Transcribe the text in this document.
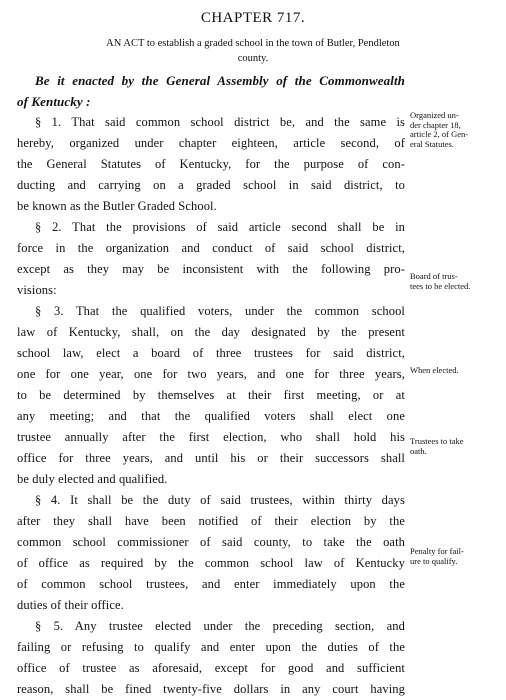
CHAPTER 717.
AN ACT to establish a graded school in the town of Butler, Pendleton
county.
Be it enacted by the General Assembly of the Commonwealth
of Kentucky :
§ 1. That said common school district be, and the same is
hereby, organized under chapter eighteen, article second, of
the General Statutes of Kentucky, for the purpose of con-
ducting and carrying on a graded school in said district, to
be known as the Butler Graded School.
§ 2. That the provisions of said article second shall be in
force in the organization and conduct of said school district,
except as they may be inconsistent with the following pro-
visions:
§ 3. That the qualified voters, under the common school
law of Kentucky, shall, on the day designated by the present
school law, elect a board of three trustees for said district,
one for one year, one for two years, and one for three years,
to be determined by themselves at their first meeting, or at
any meeting; and that the qualified voters shall elect one
trustee annually after the first election, who shall hold his
office for three years, and until his or their successors shall
be duly elected and qualified.
§ 4. It shall be the duty of said trustees, within thirty days
after they shall have been notified of their election by the
common school commissioner of said county, to take the oath
of office as required by the common school law of Kentucky
of common school trustees, and enter immediately upon the
duties of their office.
§ 5. Any trustee elected under the preceding section, and
failing or refusing to qualify and enter upon the duties of the
office of trustee as aforesaid, except for good and sufficient
reason, shall be fined twenty-five dollars in any court having
Organized un-
der chapter 18,
article 2, of Gen-
eral Statutes.
Board of trus-
tees to be elected.
When elected.
Trustees to take
oath.
Penalty for fail-
ure to qualify.
